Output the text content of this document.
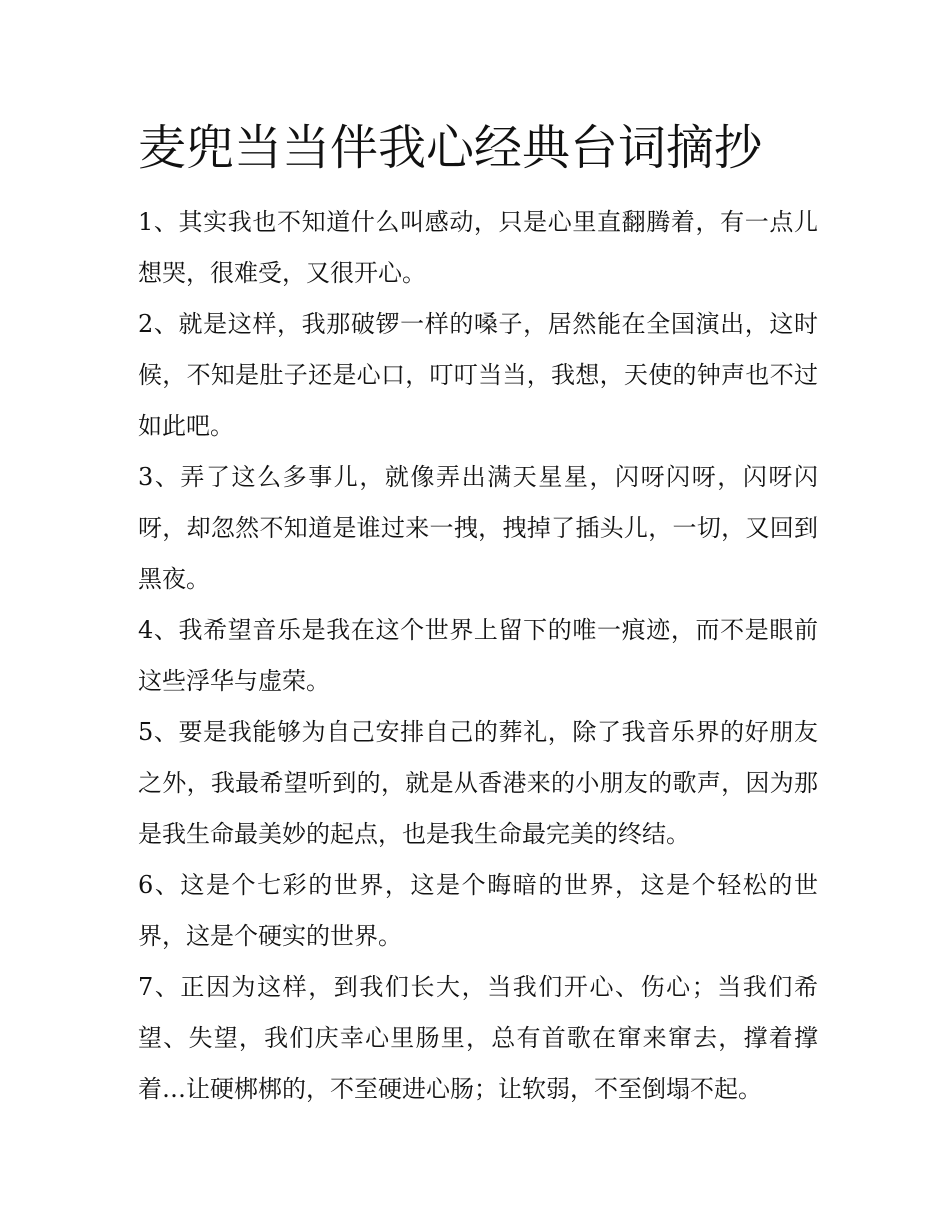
麦兜当当伴我心经典台词摘抄
1、其实我也不知道什么叫感动，只是心里直翻腾着，有一点儿想哭，很难受，又很开心。
2、就是这样，我那破锣一样的嗓子，居然能在全国演出，这时候，不知是肚子还是心口，叮叮当当，我想，天使的钟声也不过如此吧。
3、弄了这么多事儿，就像弄出满天星星，闪呀闪呀，闪呀闪呀，却忽然不知道是谁过来一拽，拽掉了插头儿，一切，又回到黑夜。
4、我希望音乐是我在这个世界上留下的唯一痕迹，而不是眼前这些浮华与虚荣。
5、要是我能够为自己安排自己的葬礼，除了我音乐界的好朋友之外，我最希望听到的，就是从香港来的小朋友的歌声，因为那是我生命最美妙的起点，也是我生命最完美的终结。
6、这是个七彩的世界，这是个晦暗的世界，这是个轻松的世界，这是个硬实的世界。
7、正因为这样，到我们长大，当我们开心、伤心；当我们希望、失望，我们庆幸心里肠里，总有首歌在窜来窜去，撑着撑着…让硬梆梆的，不至硬进心肠；让软弱，不至倒塌不起。
